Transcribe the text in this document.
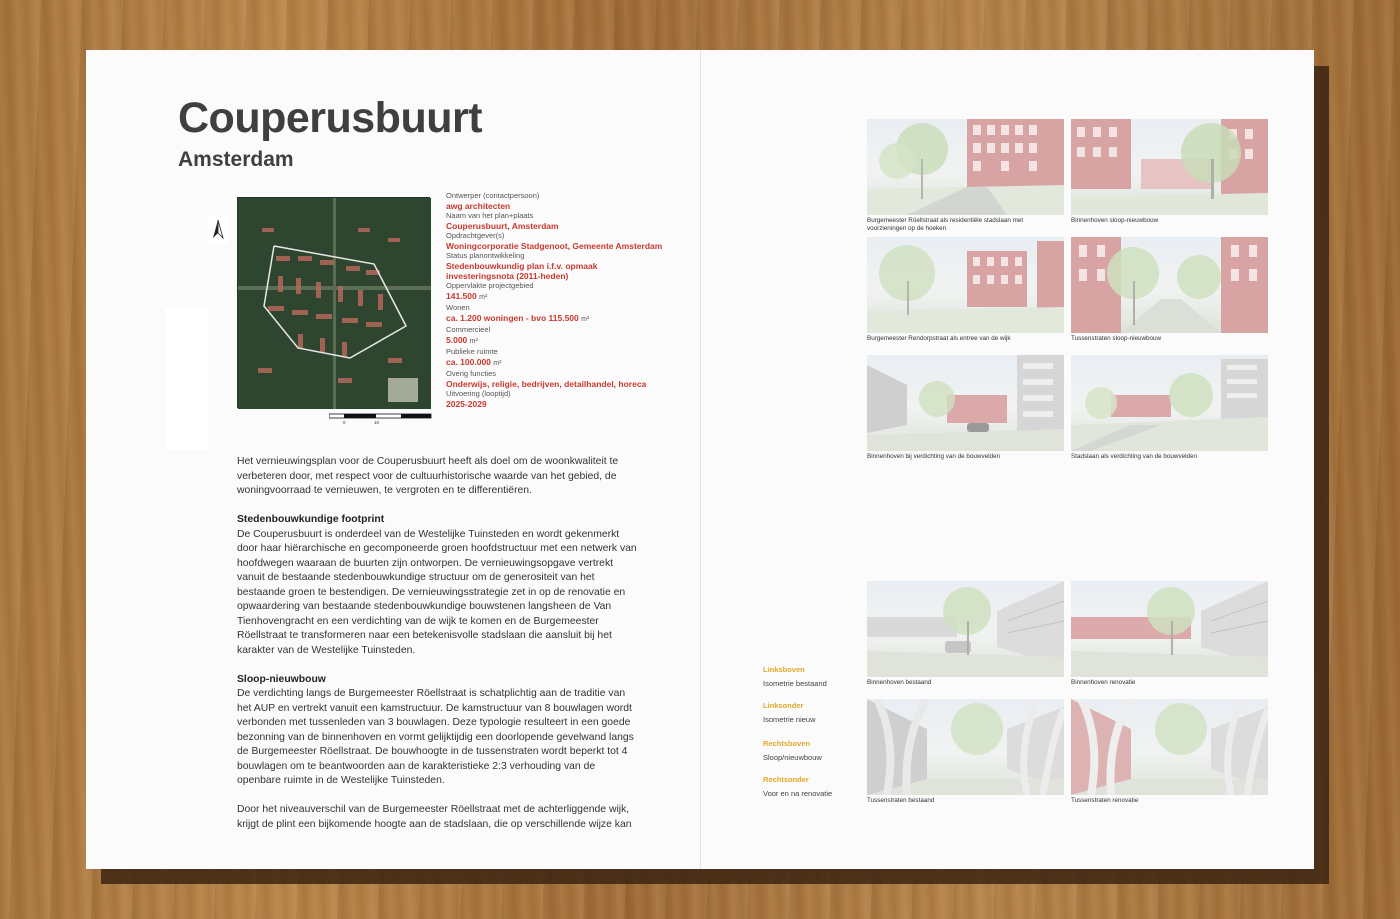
Couperusbuurt
Amsterdam
0	10
Ontwerper (contactpersoon)
awg architecten
Naam van het plan+plaats
Couperusbuurt, Amsterdam
Opdrachtgever(s)
Woningcorporatie Stadgenoot, Gemeente Amsterdam
Status planontwikkeling
Stedenbouwkundig plan i.f.v. opmaak investeringsnota (2011-heden)
Oppervlakte projectgebied
141.500 m²
Wonen
ca. 1.200 woningen - bvo 115.500 m²
Commercieel
5.000 m²
Publieke ruimte
ca. 100.000 m²
Overig functies
Onderwijs, religie, bedrijven, detailhandel, horeca
Uitvoering (looptijd)
2025-2029

Het vernieuwingsplan voor de Couperusbuurt heeft als doel om de woonkwaliteit te verbeteren door, met respect voor de cultuurhistorische waarde van het gebied, de woningvoorraad te vernieuwen, te vergroten en te differentiëren.

Stedenbouwkundige footprint

De Couperusbuurt is onderdeel van de Westelijke Tuinsteden en wordt gekenmerkt door haar hiërarchische en gecomponeerde groen hoofdstructuur met een netwerk van hoofdwegen waaraan de buurten zijn ontworpen. De vernieuwingsopgave vertrekt vanuit de bestaande stedenbouwkundige structuur om de generositeit van het bestaande groen te bestendigen. De vernieuwingsstrategie zet in op de renovatie en opwaardering van bestaande stedenbouwkundige bouwstenen langsheen de Van Tienhovengracht en een verdichting van de wijk te komen en de Burgemeester Röellstraat te transformeren naar een betekenisvolle stadslaan die aansluit bij het karakter van de Westelijke Tuinsteden.

Sloop-nieuwbouw

De verdichting langs de Burgemeester Röellstraat is schatplichtig aan de traditie van het AUP en vertrekt vanuit een kamstructuur. De kamstructuur van 8 bouwlagen wordt verbonden met tussenleden van 3 bouwlagen. Deze typologie resulteert in een goede bezonning van de binnenhoven en vormt gelijktijdig een doorlopende gevelwand langs de Burgemeester Röellstraat. De bouwhoogte in de tussenstraten wordt beperkt tot 4 bouwlagen om te beantwoorden aan de karakteristieke 2:3 verhouding van de openbare ruimte in de Westelijke Tuinsteden.

Door het niveauverschil van de Burgemeester Röellstraat met de achterliggende wijk, krijgt de plint een bijkomende hoogte aan de stadslaan, die op verschillende wijze kan

Linksboven
Isometrie bestaand
Linksonder
Isometrie nieuw
Rechtsboven
Sloop/nieuwbouw
Rechtsonder
Voor en na renovatie
Burgemeester Röellstraat als residentiële stadslaan met voorzieningen op de hoeken
Binnenhoven sloop-nieuwbouw
Burgemeester Rendorpstraat als entree van de wijk	Tussenstraten sloop-nieuwbouw
Binnenhoven bij verdichting van de bouwvelden	Stadslaan als verdichting van de bouwvelden
Binnenhoven bestaand	Binnenhoven renovatie
Tussenstraten bestaand	Tussenstraten renovatie
